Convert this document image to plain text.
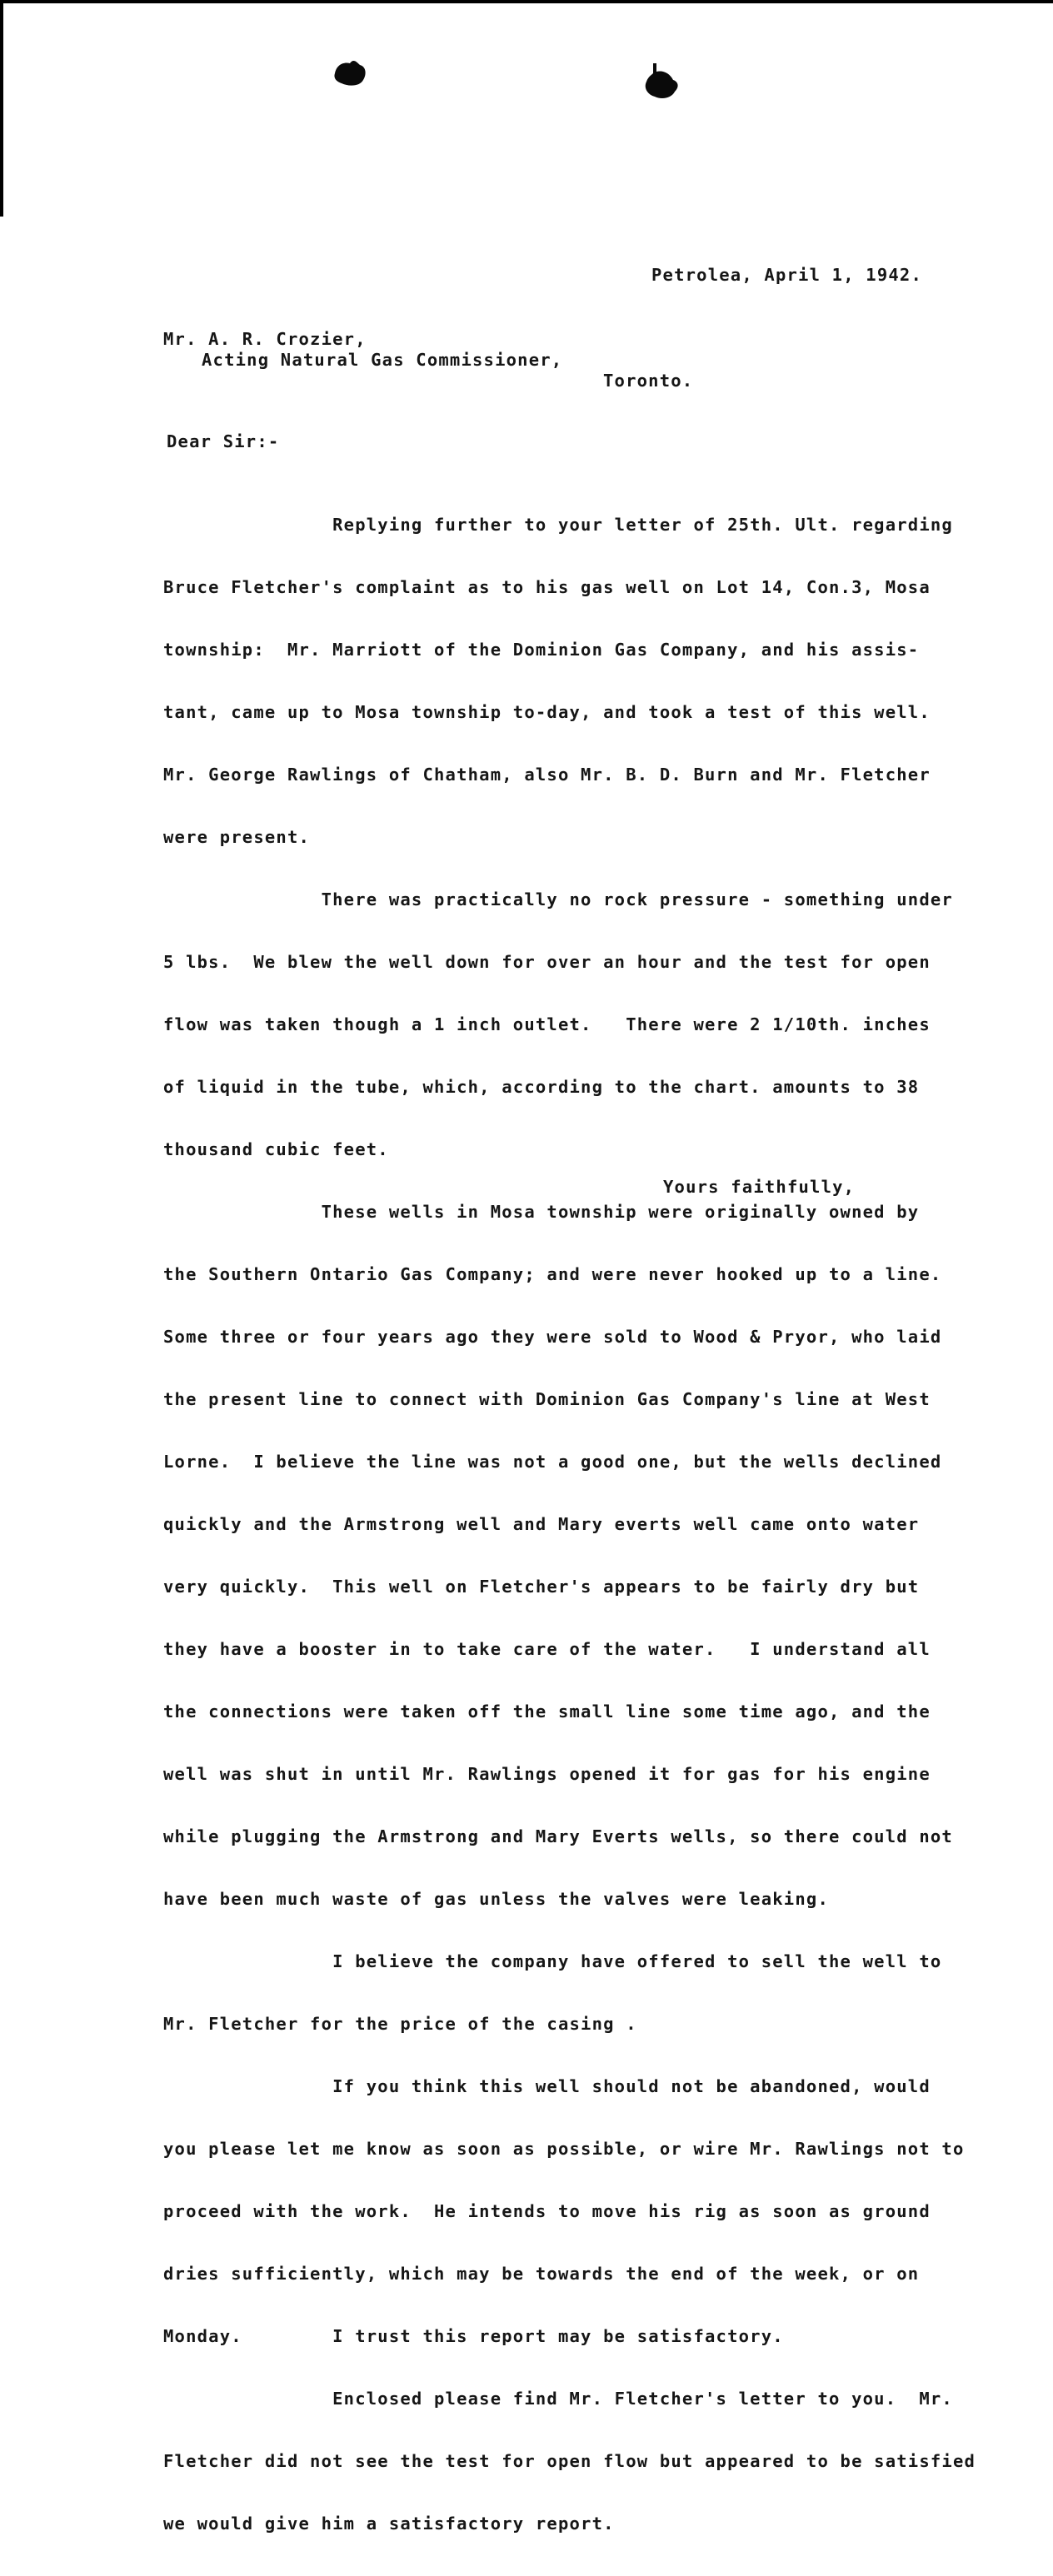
Petrolea, April 1, 1942.
Mr. A. R. Crozier,
Acting Natural Gas Commissioner,
Toronto.
Dear Sir:-

Replying further to your letter of 25th. Ult. regarding

Bruce Fletcher's complaint as to his gas well on Lot 14, Con.3, Mosa

township:  Mr. Marriott of the Dominion Gas Company, and his assis-

tant, came up to Mosa township to-day, and took a test of this well.

Mr. George Rawlings of Chatham, also Mr. B. D. Burn and Mr. Fletcher

were present.

There was practically no rock pressure - something under

5 lbs.  We blew the well down for over an hour and the test for open

flow was taken though a 1 inch outlet.   There were 2 1/10th. inches

of liquid in the tube, which, according to the chart. amounts to 38

thousand cubic feet.

These wells in Mosa township were originally owned by

the Southern Ontario Gas Company; and were never hooked up to a line.

Some three or four years ago they were sold to Wood & Pryor, who laid

the present line to connect with Dominion Gas Company's line at West

Lorne.  I believe the line was not a good one, but the wells declined

quickly and the Armstrong well and Mary everts well came onto water

very quickly.  This well on Fletcher's appears to be fairly dry but

they have a booster in to take care of the water.   I understand all

the connections were taken off the small line some time ago, and the

well was shut in until Mr. Rawlings opened it for gas for his engine

while plugging the Armstrong and Mary Everts wells, so there could not

have been much waste of gas unless the valves were leaking.

I believe the company have offered to sell the well to

Mr. Fletcher for the price of the casing .

If you think this well should not be abandoned, would

you please let me know as soon as possible, or wire Mr. Rawlings not to

proceed with the work.  He intends to move his rig as soon as ground

dries sufficiently, which may be towards the end of the week, or on

Monday.        I trust this report may be satisfactory.

Enclosed please find Mr. Fletcher's letter to you.  Mr.

Fletcher did not see the test for open flow but appeared to be satisfied

we would give him a satisfactory report.

Yours faithfully,
